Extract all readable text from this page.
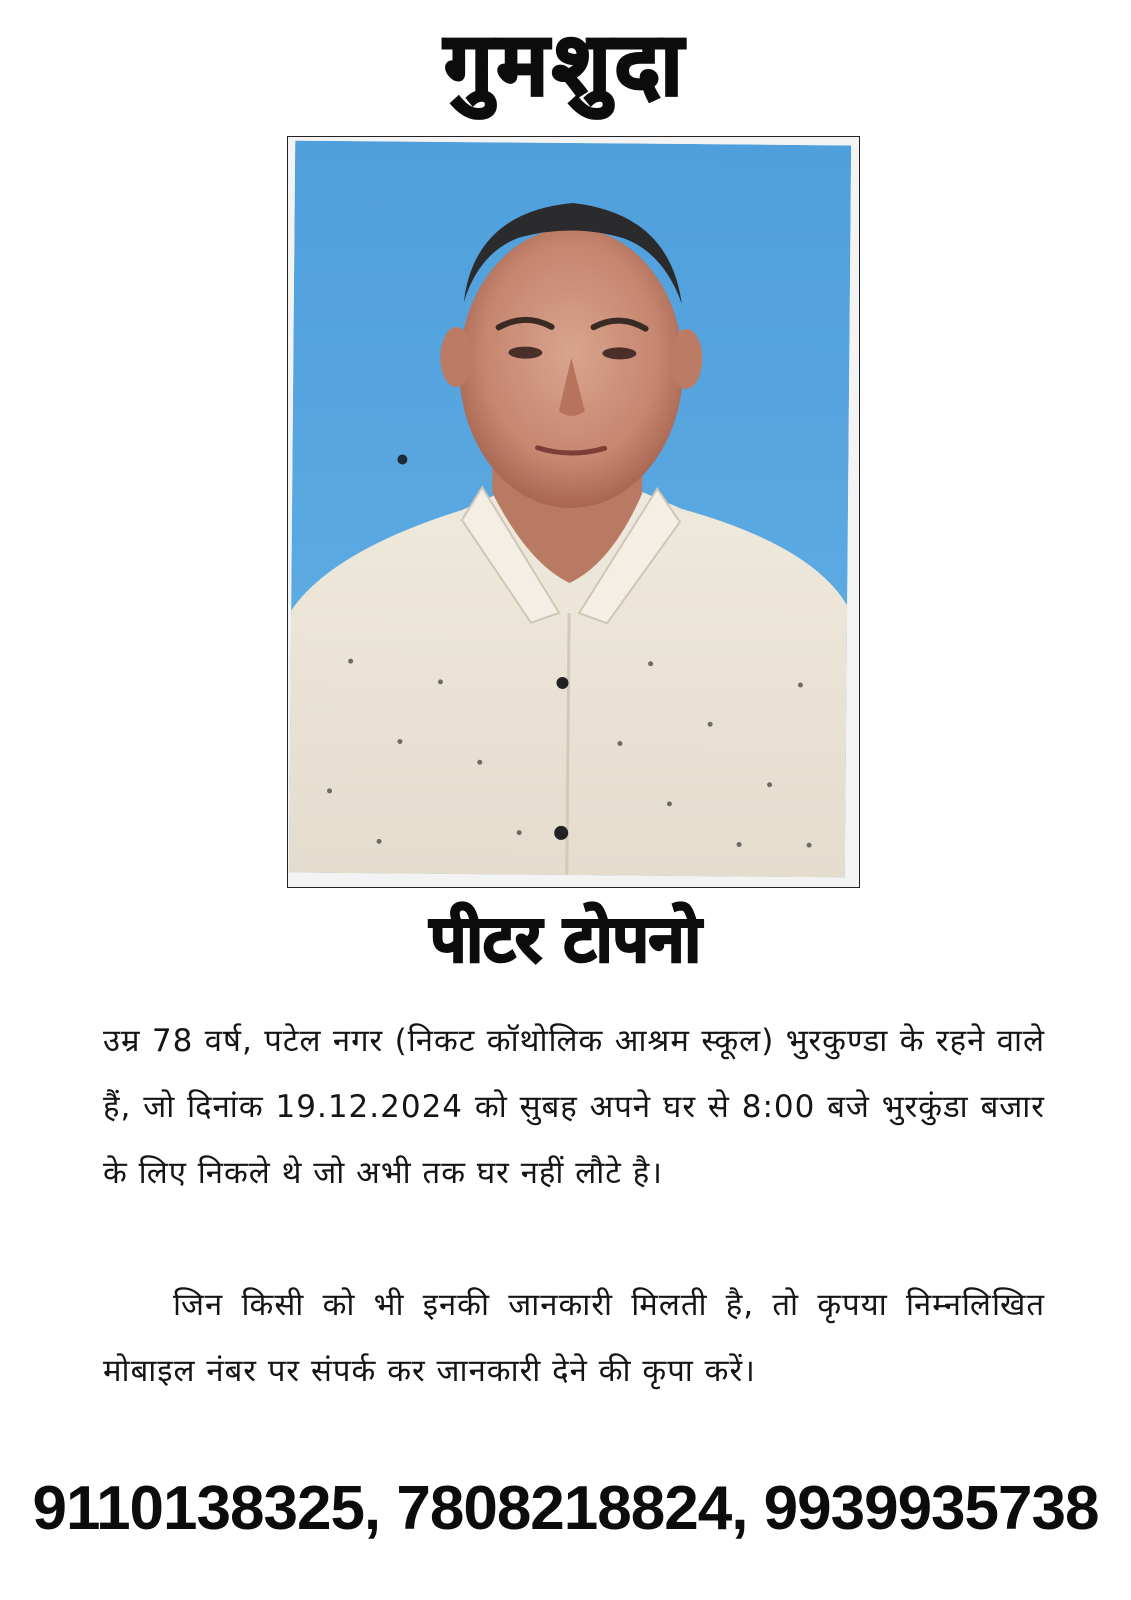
गुमशुदा
पीटर टोपनो
उम्र 78 वर्ष, पटेल नगर (निकट कॉथोलिक आश्रम स्कूल) भुरकुण्डा के रहने वाले हैं, जो दिनांक 19.12.2024 को सुबह अपने घर से 8:00 बजे भुरकुंडा बजार के लिए निकले थे जो अभी तक घर नहीं लौटे है।
जिन किसी को भी इनकी जानकारी मिलती है, तो कृपया निम्नलिखित मोबाइल नंबर पर संपर्क कर जानकारी देने की कृपा करें।
9110138325, 7808218824, 9939935738
